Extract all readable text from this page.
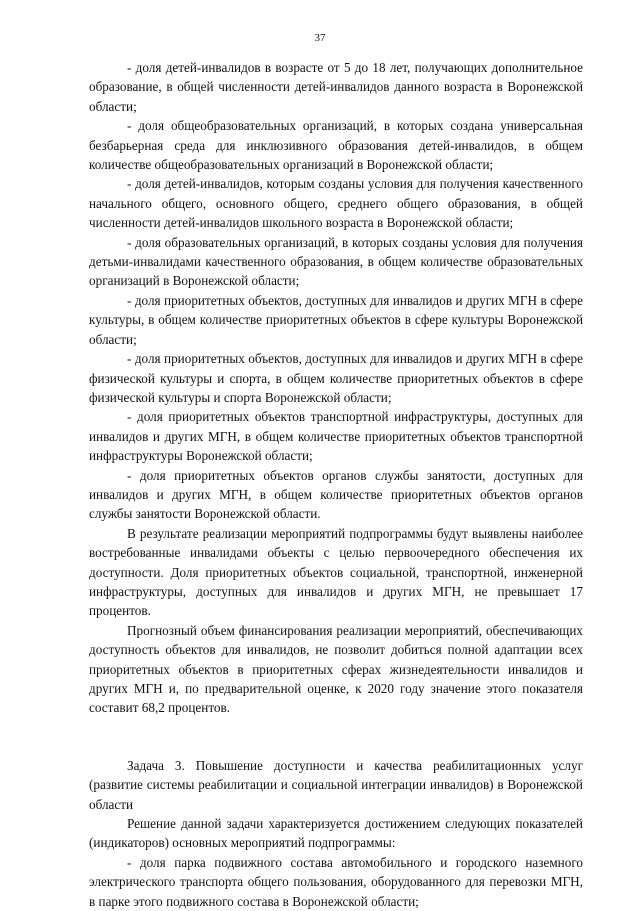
37

- доля детей-инвалидов в возрасте от 5 до 18 лет, получающих дополнительное образование, в общей численности детей-инвалидов данного возраста в Воронежской области;

- доля общеобразовательных организаций, в которых создана универсальная безбарьерная среда для инклюзивного образования детей-инвалидов, в общем количестве общеобразовательных организаций в Воронежской области;

- доля детей-инвалидов, которым созданы условия для получения качественного начального общего, основного общего, среднего общего образования, в общей численности детей-инвалидов школьного возраста в Воронежской области;

- доля образовательных организаций, в которых созданы условия для получения детьми-инвалидами качественного образования, в общем количестве образовательных организаций в Воронежской области;

- доля приоритетных объектов, доступных для инвалидов и других МГН в сфере культуры, в общем количестве приоритетных объектов в сфере культуры Воронежской области;

- доля приоритетных объектов, доступных для инвалидов и других МГН в сфере физической культуры и спорта, в общем количестве приоритетных объектов в сфере физической культуры и спорта Воронежской области;

- доля приоритетных объектов транспортной инфраструктуры, доступных для инвалидов и других МГН, в общем количестве приоритетных объектов транспортной инфраструктуры Воронежской области;

- доля приоритетных объектов органов службы занятости, доступных для инвалидов и других МГН, в общем количестве приоритетных объектов органов службы занятости Воронежской области.

В результате реализации мероприятий подпрограммы будут выявлены наиболее востребованные инвалидами объекты с целью первоочередного обеспечения их доступности. Доля приоритетных объектов социальной, транспортной, инженерной инфраструктуры, доступных для инвалидов и других МГН, не превышает 17 процентов.

Прогнозный объем финансирования реализации мероприятий, обеспечивающих доступность объектов для инвалидов, не позволит добиться полной адаптации всех приоритетных объектов в приоритетных сферах жизнедеятельности инвалидов и других МГН и, по предварительной оценке, к 2020 году значение этого показателя составит 68,2 процентов.

Задача 3. Повышение доступности и качества реабилитационных услуг (развитие системы реабилитации и социальной интеграции инвалидов) в Воронежской области

Решение данной задачи характеризуется достижением следующих показателей (индикаторов) основных мероприятий подпрограммы:

- доля парка подвижного состава автомобильного и городского наземного электрического транспорта общего пользования, оборудованного для перевозки МГН, в парке этого подвижного состава в Воронежской области;
